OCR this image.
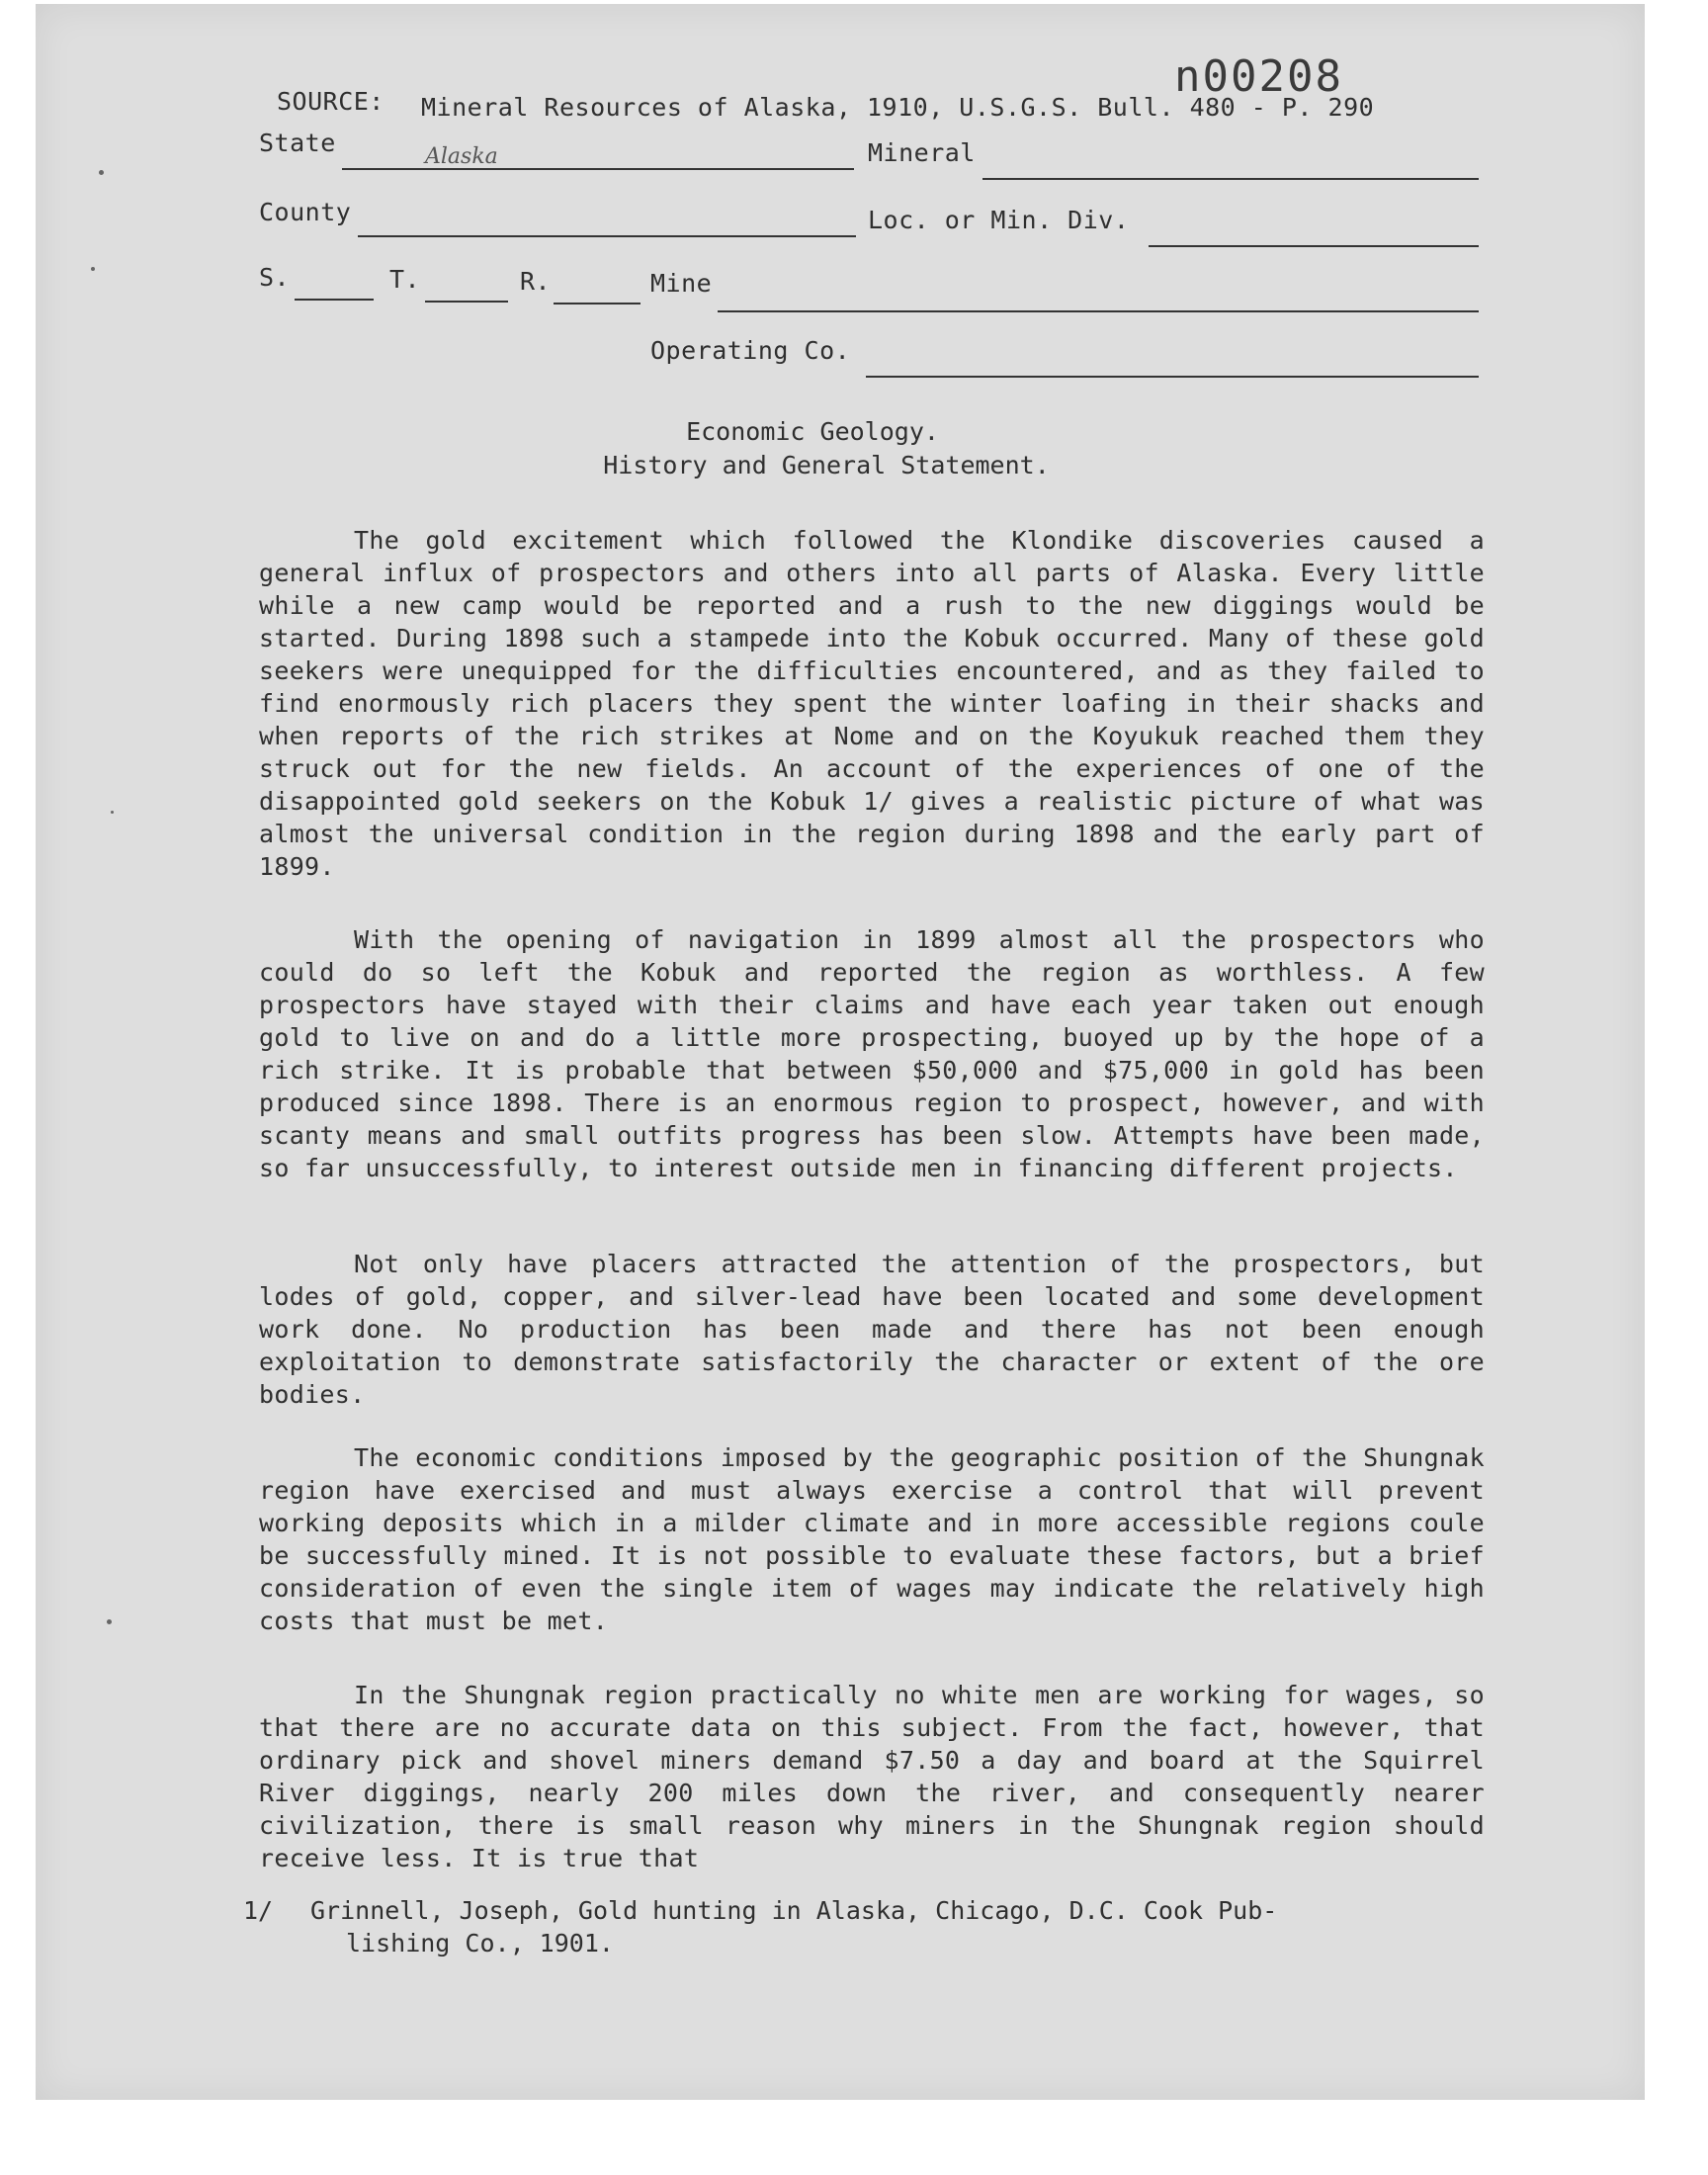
n00208
SOURCE: Mineral Resources of Alaska, 1910, U.S.G.S. Bull. 480 - P. 290
State	Alaska	Mineral
County	Loc. or Min. Div.
S.	T.	R.	Mine
Operating Co.
Economic Geology.
History and General Statement.

The gold excitement which followed the Klondike discoveries caused a general influx of prospectors and others into all parts of Alaska. Every little while a new camp would be reported and a rush to the new diggings would be started. During 1898 such a stampede into the Kobuk occurred. Many of these gold seekers were unequipped for the difficulties encountered, and as they failed to find enormously rich placers they spent the winter loafing in their shacks and when reports of the rich strikes at Nome and on the Koyukuk reached them they struck out for the new fields. An account of the experiences of one of the disappointed gold seekers on the Kobuk 1/ gives a realistic picture of what was almost the universal condition in the region during 1898 and the early part of 1899.

With the opening of navigation in 1899 almost all the prospectors who could do so left the Kobuk and reported the region as worthless. A few prospectors have stayed with their claims and have each year taken out enough gold to live on and do a little more prospecting, buoyed up by the hope of a rich strike. It is probable that between $50,000 and $75,000 in gold has been produced since 1898. There is an enormous region to prospect, however, and with scanty means and small outfits progress has been slow. Attempts have been made, so far unsuccessfully, to interest outside men in financing different projects.

Not only have placers attracted the attention of the prospectors, but lodes of gold, copper, and silver-lead have been located and some development work done. No production has been made and there has not been enough exploitation to demonstrate satisfactorily the character or extent of the ore bodies.

The economic conditions imposed by the geographic position of the Shungnak region have exercised and must always exercise a control that will prevent working deposits which in a milder climate and in more accessible regions coule be successfully mined. It is not possible to evaluate these factors, but a brief consideration of even the single item of wages may indicate the relatively high costs that must be met.

In the Shungnak region practically no white men are working for wages, so that there are no accurate data on this subject. From the fact, however, that ordinary pick and shovel miners demand $7.50 a day and board at the Squirrel River diggings, nearly 200 miles down the river, and consequently nearer civilization, there is small reason why miners in the Shungnak region should receive less. It is true that

1/ Grinnell, Joseph, Gold hunting in Alaska, Chicago, D.C. Cook Pub-
lishing Co., 1901.
